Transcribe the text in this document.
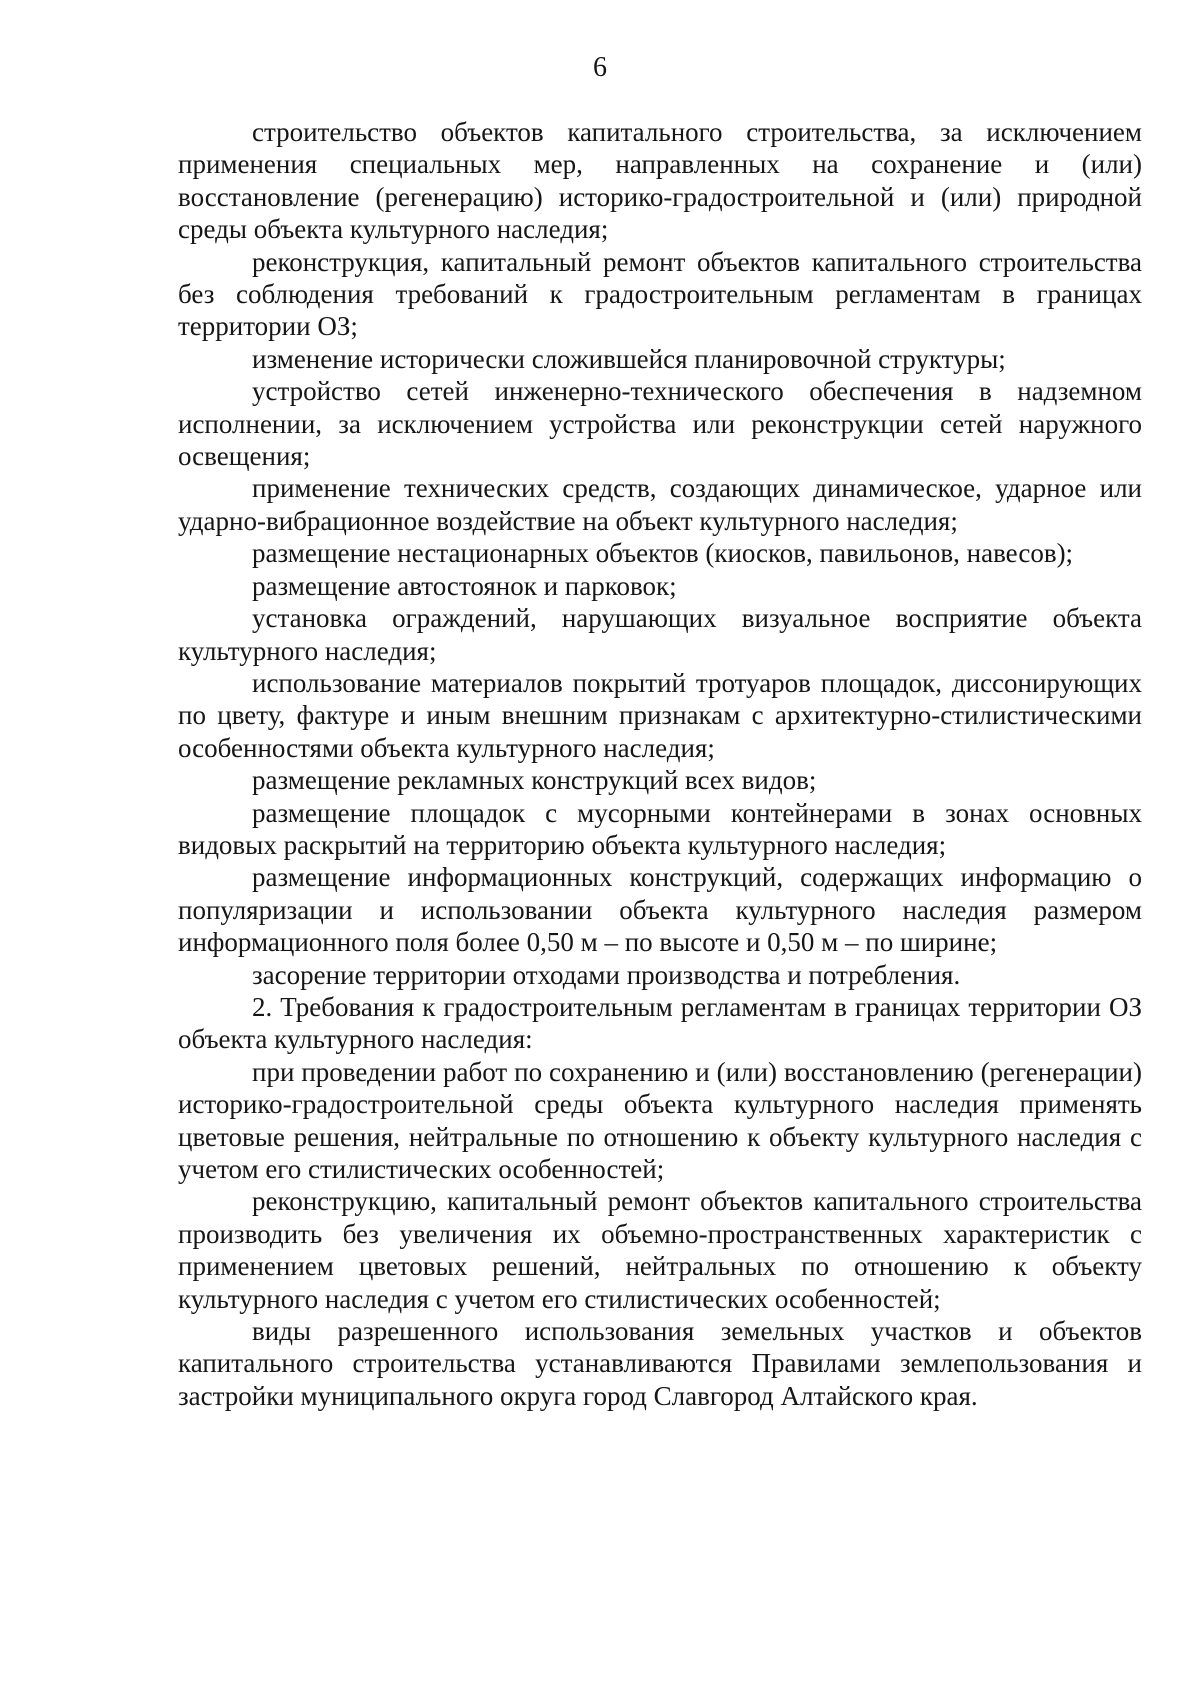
6

строительство объектов капитального строительства, за исключением применения специальных мер, направленных на сохранение и (или) восстановление (регенерацию) историко-градостроительной и (или) природной среды объекта культурного наследия;

реконструкция, капитальный ремонт объектов капитального строительства без соблюдения требований к градостроительным регламентам в границах территории ОЗ;

изменение исторически сложившейся планировочной структуры;

устройство сетей инженерно-технического обеспечения в надземном исполнении, за исключением устройства или реконструкции сетей наружного освещения;

применение технических средств, создающих динамическое, ударное или ударно-вибрационное воздействие на объект культурного наследия;

размещение нестационарных объектов (киосков, павильонов, навесов);

размещение автостоянок и парковок;

установка ограждений, нарушающих визуальное восприятие объекта культурного наследия;

использование материалов покрытий тротуаров площадок, диссонирующих по цвету, фактуре и иным внешним признакам с архитектурно-стилистическими особенностями объекта культурного наследия;

размещение рекламных конструкций всех видов;

размещение площадок с мусорными контейнерами в зонах основных видовых раскрытий на территорию объекта культурного наследия;

размещение информационных конструкций, содержащих информацию о популяризации и использовании объекта культурного наследия размером информационного поля более 0,50 м – по высоте и 0,50 м – по ширине;

засорение территории отходами производства и потребления.

2. Требования к градостроительным регламентам в границах территории ОЗ объекта культурного наследия:

при проведении работ по сохранению и (или) восстановлению (регенерации) историко-градостроительной среды объекта культурного наследия применять цветовые решения, нейтральные по отношению к объекту культурного наследия с учетом его стилистических особенностей;

реконструкцию, капитальный ремонт объектов капитального строительства производить без увеличения их объемно-пространственных характеристик с применением цветовых решений, нейтральных по отношению к объекту культурного наследия с учетом его стилистических особенностей;

виды разрешенного использования земельных участков и объектов капитального строительства устанавливаются Правилами землепользования и застройки муниципального округа город Славгород Алтайского края.
